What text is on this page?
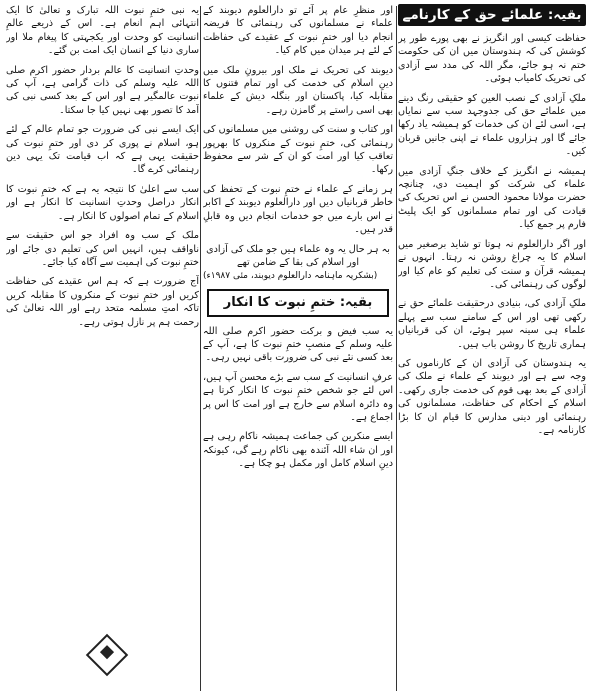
بقیہ: علمائے حق کے کارنامے

حفاظت کیسی اور انگریز نے بھی پورے طور پر کوشش کی کہ ہندوستان میں ان کی حکومت ختم نہ ہو جائے، مگر اللہ کی مدد سے آزادی کی تحریک کامیاب ہوئی۔

ملکِ آزادی کے نصب العین کو حقیقی رنگ دینے میں علمائے حق کی جدوجہد سب سے نمایاں ہے، اسی لئے ان کی خدمات کو ہمیشہ یاد رکھا جائے گا اور ہزاروں علماء نے اپنی جانیں قربان کیں۔

ہمیشہ نے انگریز کے خلاف جنگِ آزادی میں علماء کی شرکت کو اہمیت دی، چنانچہ حضرت مولانا محمود الحسن نے اس تحریک کی قیادت کی اور تمام مسلمانوں کو ایک پلیٹ فارم پر جمع کیا۔

اور اگر دارالعلوم نہ ہوتا تو شاید برصغیر میں اسلام کا یہ چراغ روشن نہ رہتا۔ انہوں نے ہمیشہ قرآن و سنت کی تعلیم کو عام کیا اور لوگوں کی رہنمائی کی۔

ملکِ آزادی کی، بنیادی درحقیقت علمائے حق نے رکھی تھی اور اس کے سامنے سب سے پہلے علماء ہی سینہ سپر ہوئے، ان کی قربانیاں ہماری تاریخ کا روشن باب ہیں۔

یہ ہندوستان کی آزادی ان کے کارناموں کی وجہ سے ہے اور دیوبند کے علماء نے ملک کی آزادی کے بعد بھی قوم کی خدمت جاری رکھی۔ اسلام کے احکام کی حفاظت، مسلمانوں کی رہنمائی اور دینی مدارس کا قیام ان کا بڑا کارنامہ ہے۔

اور منظرِ عام پر آئے تو دارالعلوم دیوبند کے علماء نے مسلمانوں کی رہنمائی کا فریضہ انجام دیا اور ختمِ نبوت کے عقیدے کی حفاظت کے لئے ہر میدان میں کام کیا۔

دیوبند کی تحریک نے ملک اور بیرونِ ملک میں دینِ اسلام کی خدمت کی اور تمام فتنوں کا مقابلہ کیا، پاکستان اور بنگلہ دیش کے علماء بھی اسی راستے پر گامزن رہے۔

اور کتاب و سنت کی روشنی میں مسلمانوں کی رہنمائی کی، ختمِ نبوت کے منکروں کا بھرپور تعاقب کیا اور امت کو ان کے شر سے محفوظ رکھا۔

ہر زمانے کے علماء نے ختمِ نبوت کے تحفظ کی خاطر قربانیاں دیں اور دارالعلوم دیوبند کے اکابر نے اس بارے میں جو خدمات انجام دیں وہ قابلِ قدر ہیں۔

بہ ہر حال یہ وہ علماء ہیں جو ملک کی آزادی اور اسلام کی بقا کے ضامن تھے

(بشکریہ ماہنامہ دارالعلوم دیوبند، مئی ۱۹۸۷ء)

بقیہ: ختمِ نبوت کا انکار

یہ سب فیض و برکت حضور اکرم صلی اللہ علیہ وسلم کے منصبِ ختمِ نبوت کا ہے، آپ کے بعد کسی نئے نبی کی ضرورت باقی نہیں رہی۔

عرفِ انسانیت کے سب سے بڑے محسن آپ ہیں، اس لئے جو شخص ختمِ نبوت کا انکار کرتا ہے وہ دائرہ اسلام سے خارج ہے اور امت کا اس پر اجماع ہے۔

ایسے منکرین کی جماعت ہمیشہ ناکام رہی ہے اور ان شاء اللہ آئندہ بھی ناکام رہے گی، کیونکہ دینِ اسلام کامل اور مکمل ہو چکا ہے۔

یہ نبی ختمِ نبوت اللہ تبارک و تعالیٰ کا ایک انتہائی اہم انعام ہے۔ اس کے ذریعے عالمِ انسانیت کو وحدت اور یکجہتی کا پیغام ملا اور ساری دنیا کے انسان ایک امت بن گئے۔

وحدتِ انسانیت کا عالم بردار حضور اکرم صلی اللہ علیہ وسلم کی ذات گرامی ہے، آپ کی نبوت عالمگیر ہے اور اس کے بعد کسی نبی کی آمد کا تصور بھی نہیں کیا جا سکتا۔

ایک ایسے نبی کی ضرورت جو تمام عالم کے لئے ہو، اسلام نے پوری کر دی اور ختمِ نبوت کی حقیقت یہی ہے کہ اب قیامت تک یہی دین رہنمائی کرے گا۔

سب سے اعلیٰ کا نتیجہ یہ ہے کہ ختمِ نبوت کا انکار دراصل وحدتِ انسانیت کا انکار ہے اور اسلام کے تمام اصولوں کا انکار ہے۔

ملک کے سب وہ افراد جو اس حقیقت سے ناواقف ہیں، انہیں اس کی تعلیم دی جائے اور ختمِ نبوت کی اہمیت سے آگاہ کیا جائے۔

آج ضرورت ہے کہ ہم اس عقیدے کی حفاظت کریں اور ختمِ نبوت کے منکروں کا مقابلہ کریں تاکہ امتِ مسلمہ متحد رہے اور اللہ تعالیٰ کی رحمت ہم پر نازل ہوتی رہے۔
